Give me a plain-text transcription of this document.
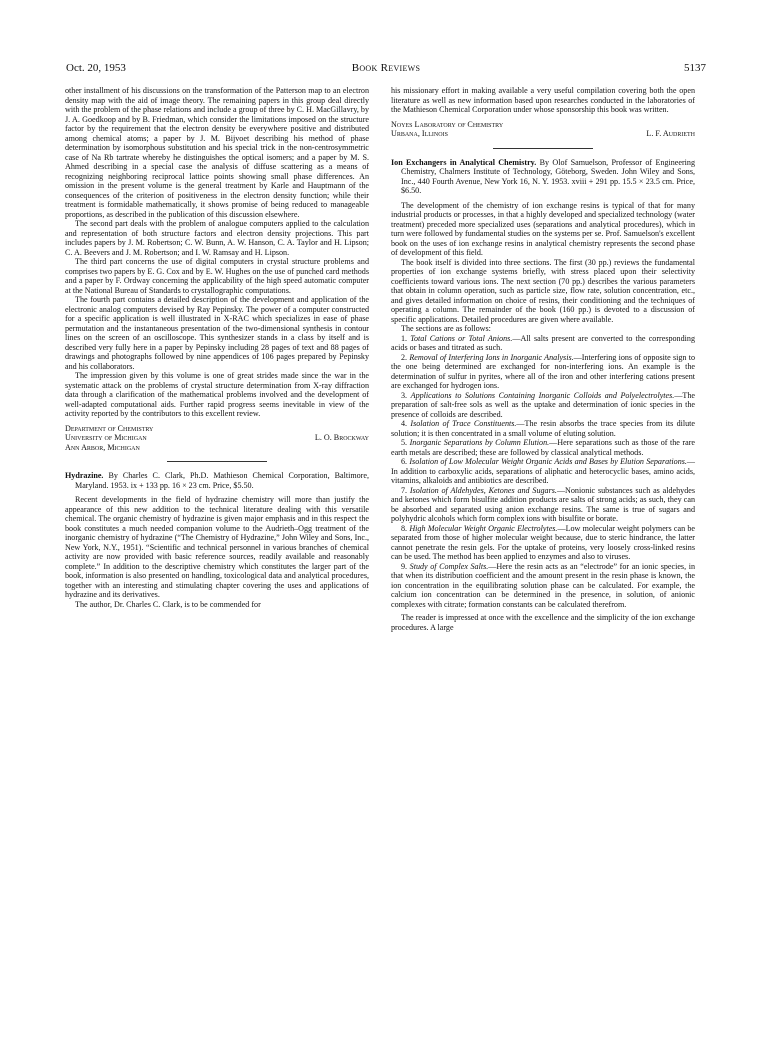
Oct. 20, 1953	Book Reviews	5137

other installment of his discussions on the transformation of the Patterson map to an electron density map with the aid of image theory. The remaining papers in this group deal directly with the problem of the phase relations and include a group of three by C. H. MacGillavry, by J. A. Goedkoop and by B. Friedman, which consider the limitations imposed on the structure factor by the requirement that the electron density be everywhere positive and distributed among chemical atoms; a paper by J. M. Bijvoet describing his method of phase determination by isomorphous substitution and his special trick in the non-centrosymmetric case of Na Rb tartrate whereby he distinguishes the optical isomers; and a paper by M. S. Ahmed describing in a special case the analysis of diffuse scattering as a means of recognizing neighboring reciprocal lattice points showing small phase differences. An omission in the present volume is the general treatment by Karle and Hauptmann of the consequences of the criterion of positiveness in the electron density function; while their treatment is formidable mathematically, it shows promise of being reduced to manageable proportions, as described in the publication of this discussion elsewhere.

The second part deals with the problem of analogue computers applied to the calculation and representation of both structure factors and electron density projections. This part includes papers by J. M. Robertson; C. W. Bunn, A. W. Hanson, C. A. Taylor and H. Lipson; C. A. Beevers and J. M. Robertson; and I. W. Ramsay and H. Lipson.

The third part concerns the use of digital computers in crystal structure problems and comprises two papers by E. G. Cox and by E. W. Hughes on the use of punched card methods and a paper by F. Ordway concerning the applicability of the high speed automatic computer at the National Bureau of Standards to crystallographic computations.

The fourth part contains a detailed description of the development and application of the electronic analog computers devised by Ray Pepinsky. The power of a computer constructed for a specific application is well illustrated in X-RAC which specializes in ease of phase permutation and the instantaneous presentation of the two-dimensional synthesis in contour lines on the screen of an oscilloscope. This synthesizer stands in a class by itself and is described very fully here in a paper by Pepinsky including 28 pages of text and 88 pages of drawings and photographs followed by nine appendices of 106 pages prepared by Pepinsky and his collaborators.

The impression given by this volume is one of great strides made since the war in the systematic attack on the problems of crystal structure determination from X-ray diffraction data through a clarification of the mathematical problems involved and the development of well-adapted computational aids. Further rapid progress seems inevitable in view of the activity reported by the contributors to this excellent review.

Department of Chemistry
University of Michigan	L. O. Brockway
Ann Arbor, Michigan

Hydrazine. By Charles C. Clark, Ph.D. Mathieson Chemical Corporation, Baltimore, Maryland. 1953. ix + 133 pp. 16 × 23 cm. Price, $5.50.

Recent developments in the field of hydrazine chemistry will more than justify the appearance of this new addition to the technical literature dealing with this versatile chemical. The organic chemistry of hydrazine is given major emphasis and in this respect the book constitutes a much needed companion volume to the Audrieth–Ogg treatment of the inorganic chemistry of hydrazine (“The Chemistry of Hydrazine,” John Wiley and Sons, Inc., New York, N.Y., 1951). “Scientific and technical personnel in various branches of chemical activity are now provided with basic reference sources, readily available and reasonably complete.” In addition to the descriptive chemistry which constitutes the larger part of the book, information is also presented on handling, toxicological data and analytical procedures, together with an interesting and stimulating chapter covering the uses and applications of hydrazine and its derivatives.

The author, Dr. Charles C. Clark, is to be commended for

his missionary effort in making available a very useful compilation covering both the open literature as well as new information based upon researches conducted in the laboratories of the Mathieson Chemical Corporation under whose sponsorship this book was written.

Noyes Laboratory of Chemistry
Urbana, Illinois	L. F. Audrieth

Ion Exchangers in Analytical Chemistry. By Olof Samuelson, Professor of Engineering Chemistry, Chalmers Institute of Technology, Göteborg, Sweden. John Wiley and Sons, Inc., 440 Fourth Avenue, New York 16, N. Y. 1953. xviii + 291 pp. 15.5 × 23.5 cm. Price, $6.50.

The development of the chemistry of ion exchange resins is typical of that for many industrial products or processes, in that a highly developed and specialized technology (water treatment) preceded more specialized uses (separations and analytical procedures), which in turn were followed by fundamental studies on the systems per se. Prof. Samuelson's excellent book on the uses of ion exchange resins in analytical chemistry represents the second phase of development of this field.

The book itself is divided into three sections. The first (30 pp.) reviews the fundamental properties of ion exchange systems briefly, with stress placed upon their selectivity coefficients toward various ions. The next section (70 pp.) describes the various parameters that obtain in column operation, such as particle size, flow rate, solution concentration, etc., and gives detailed information on choice of resins, their conditioning and the techniques of operating a column. The remainder of the book (160 pp.) is devoted to a discussion of specific applications. Detailed procedures are given where available.

The sections are as follows:

1. Total Cations or Total Anions.—All salts present are converted to the corresponding acids or bases and titrated as such.

2. Removal of Interfering Ions in Inorganic Analysis.—Interfering ions of opposite sign to the one being determined are exchanged for non-interfering ions. An example is the determination of sulfur in pyrites, where all of the iron and other interfering cations present are exchanged for hydrogen ions.

3. Applications to Solutions Containing Inorganic Colloids and Polyelectrolytes.—The preparation of salt-free sols as well as the uptake and determination of ionic species in the presence of colloids are described.

4. Isolation of Trace Constituents.—The resin absorbs the trace species from its dilute solution; it is then concentrated in a small volume of eluting solution.

5. Inorganic Separations by Column Elution.—Here separations such as those of the rare earth metals are described; these are followed by classical analytical methods.

6. Isolation of Low Molecular Weight Organic Acids and Bases by Elution Separations.—In addition to carboxylic acids, separations of aliphatic and heterocyclic bases, amino acids, vitamins, alkaloids and antibiotics are described.

7. Isolation of Aldehydes, Ketones and Sugars.—Nonionic substances such as aldehydes and ketones which form bisulfite addition products are salts of strong acids; as such, they can be absorbed and separated using anion exchange resins. The same is true of sugars and polyhydric alcohols which form complex ions with bisulfite or borate.

8. High Molecular Weight Organic Electrolytes.—Low molecular weight polymers can be separated from those of higher molecular weight because, due to steric hindrance, the latter cannot penetrate the resin gels. For the uptake of proteins, very loosely cross-linked resins can be used. The method has been applied to enzymes and also to viruses.

9. Study of Complex Salts.—Here the resin acts as an “electrode” for an ionic species, in that when its distribution coefficient and the amount present in the resin phase is known, the ion concentration in the equilibrating solution phase can be calculated. For example, the calcium ion concentration can be determined in the presence, in solution, of anionic complexes with citrate; formation constants can be calculated therefrom.

The reader is impressed at once with the excellence and the simplicity of the ion exchange procedures. A large
